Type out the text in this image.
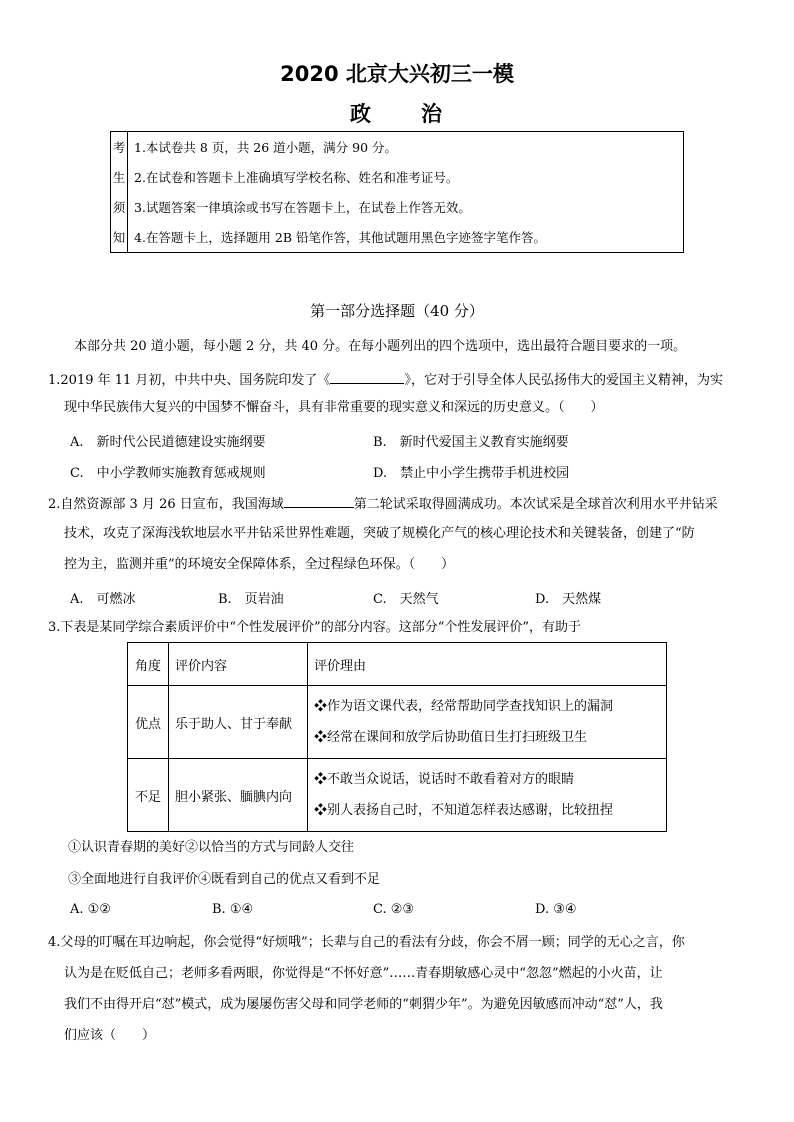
2020 北京大兴初三一模
政 治
考	1.本试卷共 8 页，共 26 道小题，满分 90 分。
生	2.在试卷和答题卡上准确填写学校名称、姓名和准考证号。
须	3.试题答案一律填涂或书写在答题卡上，在试卷上作答无效。
知	4.在答题卡上，选择题用 2B 铅笔作答，其他试题用黑色字迹签字笔作答。
第一部分选择题（40 分）
本部分共 20 道小题，每小题 2 分，共 40 分。在每小题列出的四个选项中，选出最符合题目要求的一项。
1.2019 年 11 月初，中共中央、国务院印发了《	》，它对于引导全体人民弘扬伟大的爱国主义精神，为实
现中华民族伟大复兴的中国梦不懈奋斗，具有非常重要的现实意义和深远的历史意义。（　　）
A.　新时代公民道德建设实施纲要	B.　新时代爱国主义教育实施纲要
C.　中小学教师实施教育惩戒规则	D.　禁止中小学生携带手机进校园
2.自然资源部 3 月 26 日宣布，我国海域	第二轮试采取得圆满成功。本次试采是全球首次利用水平井钻采
技术，攻克了深海浅软地层水平井钻采世界性难题，突破了规模化产气的核心理论技术和关键装备，创建了“防
控为主，监测并重”的环境安全保障体系，全过程绿色环保。（　　）
A.　可燃冰	B.　页岩油	C.　天然气	D.　天然煤
3.下表是某同学综合素质评价中“个性发展评价”的部分内容。这部分“个性发展评价”，有助于
角度	评价内容	评价理由
优点	乐于助人、甘于奉献	❖作为语文课代表，经常帮助同学查找知识上的漏洞
❖经常在课间和放学后协助值日生打扫班级卫生

不足	胆小紧张、腼腆内向	❖不敢当众说话，说话时不敢看着对方的眼睛
❖别人表扬自己时，不知道怎样表达感谢，比较扭捏
①认识青春期的美好②以恰当的方式与同龄人交往
③全面地进行自我评价④既看到自己的优点又看到不足
A. ①②	B. ①④	C. ②③	D. ③④
4.父母的叮嘱在耳边响起，你会觉得“好烦哦”；长辈与自己的看法有分歧，你会不屑一顾；同学的无心之言，你
认为是在贬低自己；老师多看两眼，你觉得是“不怀好意”……青春期敏感心灵中“忽忽”燃起的小火苗，让
我们不由得开启“怼”模式，成为屡屡伤害父母和同学老师的“刺猬少年”。为避免因敏感而冲动“怼”人，我
们应该（　　）
